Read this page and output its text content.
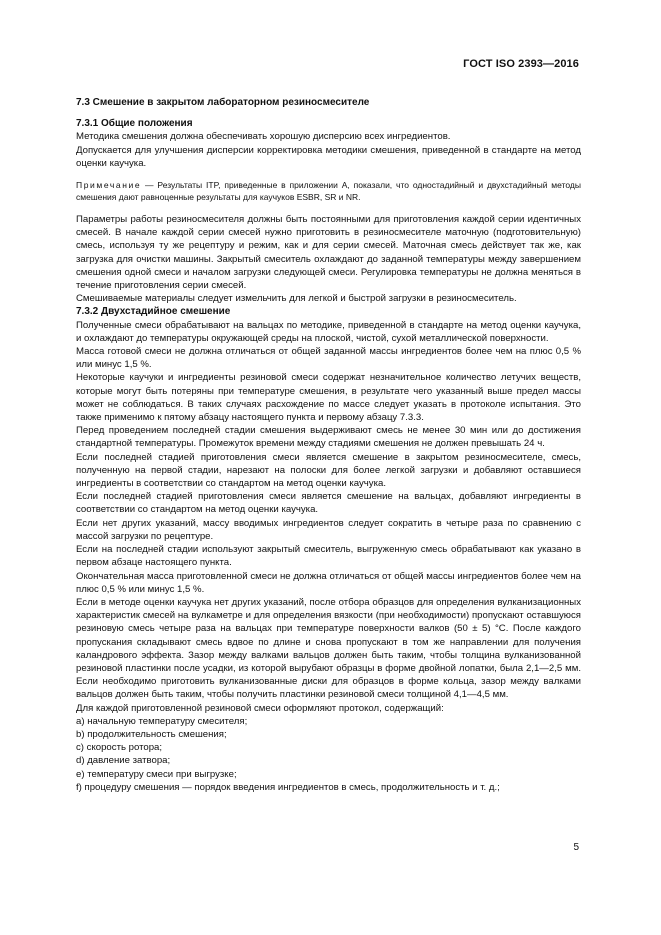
ГОСТ ISO 2393—2016

7.3 Смешение в закрытом лабораторном резиносмесителе

7.3.1 Общие положения

Методика смешения должна обеспечивать хорошую дисперсию всех ингредиентов.

Допускается для улучшения дисперсии корректировка методики смешения, приведенной в стандарте на метод оценки каучука.

Примечание — Результаты ITP, приведенные в приложении А, показали, что одностадийный и двухстадийный методы смешения дают равноценные результаты для каучуков ESBR, SR и NR.

Параметры работы резиносмесителя должны быть постоянными для приготовления каждой серии идентичных смесей. В начале каждой серии смесей нужно приготовить в резиносмесителе маточную (подготовительную) смесь, используя ту же рецептуру и режим, как и для серии смесей. Маточная смесь действует так же, как загрузка для очистки машины. Закрытый смеситель охлаждают до заданной температуры между завершением смешения одной смеси и началом загрузки следующей смеси. Регулировка температуры не должна меняться в течение приготовления серии смесей.

Смешиваемые материалы следует измельчить для легкой и быстрой загрузки в резиносмеситель.

7.3.2 Двухстадийное смешение

Полученные смеси обрабатывают на вальцах по методике, приведенной в стандарте на метод оценки каучука, и охлаждают до температуры окружающей среды на плоской, чистой, сухой металлической поверхности.

Масса готовой смеси не должна отличаться от общей заданной массы ингредиентов более чем на плюс 0,5 % или минус 1,5 %.

Некоторые каучуки и ингредиенты резиновой смеси содержат незначительное количество летучих веществ, которые могут быть потеряны при температуре смешения, в результате чего указанный выше предел массы может не соблюдаться. В таких случаях расхождение по массе следует указать в протоколе испытания. Это также применимо к пятому абзацу настоящего пункта и первому абзацу 7.3.3.

Перед проведением последней стадии смешения выдерживают смесь не менее 30 мин или до достижения стандартной температуры. Промежуток времени между стадиями смешения не должен превышать 24 ч.

Если последней стадией приготовления смеси является смешение в закрытом резиносмесителе, смесь, полученную на первой стадии, нарезают на полоски для более легкой загрузки и добавляют оставшиеся ингредиенты в соответствии со стандартом на метод оценки каучука.

Если последней стадией приготовления смеси является смешение на вальцах, добавляют ингредиенты в соответствии со стандартом на метод оценки каучука.

Если нет других указаний, массу вводимых ингредиентов следует сократить в четыре раза по сравнению с массой загрузки по рецептуре.

Если на последней стадии используют закрытый смеситель, выгруженную смесь обрабатывают как указано в первом абзаце настоящего пункта.

Окончательная масса приготовленной смеси не должна отличаться от общей массы ингредиентов более чем на плюс 0,5 % или минус 1,5 %.

Если в методе оценки каучука нет других указаний, после отбора образцов для определения вулканизационных характеристик смесей на вулкаметре и для определения вязкости (при необходимости) пропускают оставшуюся резиновую смесь четыре раза на вальцах при температуре поверхности валков (50 ± 5) °С. После каждого пропускания складывают смесь вдвое по длине и снова пропускают в том же направлении для получения каландрового эффекта. Зазор между валками вальцов должен быть таким, чтобы толщина вулканизованной резиновой пластинки после усадки, из которой вырубают образцы в форме двойной лопатки, была 2,1—2,5 мм. Если необходимо приготовить вулканизованные диски для образцов в форме кольца, зазор между валками вальцов должен быть таким, чтобы получить пластинки резиновой смеси толщиной 4,1—4,5 мм.

Для каждой приготовленной резиновой смеси оформляют протокол, содержащий:

a) начальную температуру смесителя;

b) продолжительность смешения;

c) скорость ротора;

d) давление затвора;

e) температуру смеси при выгрузке;

f) процедуру смешения — порядок введения ингредиентов в смесь, продолжительность и т. д.;

5
